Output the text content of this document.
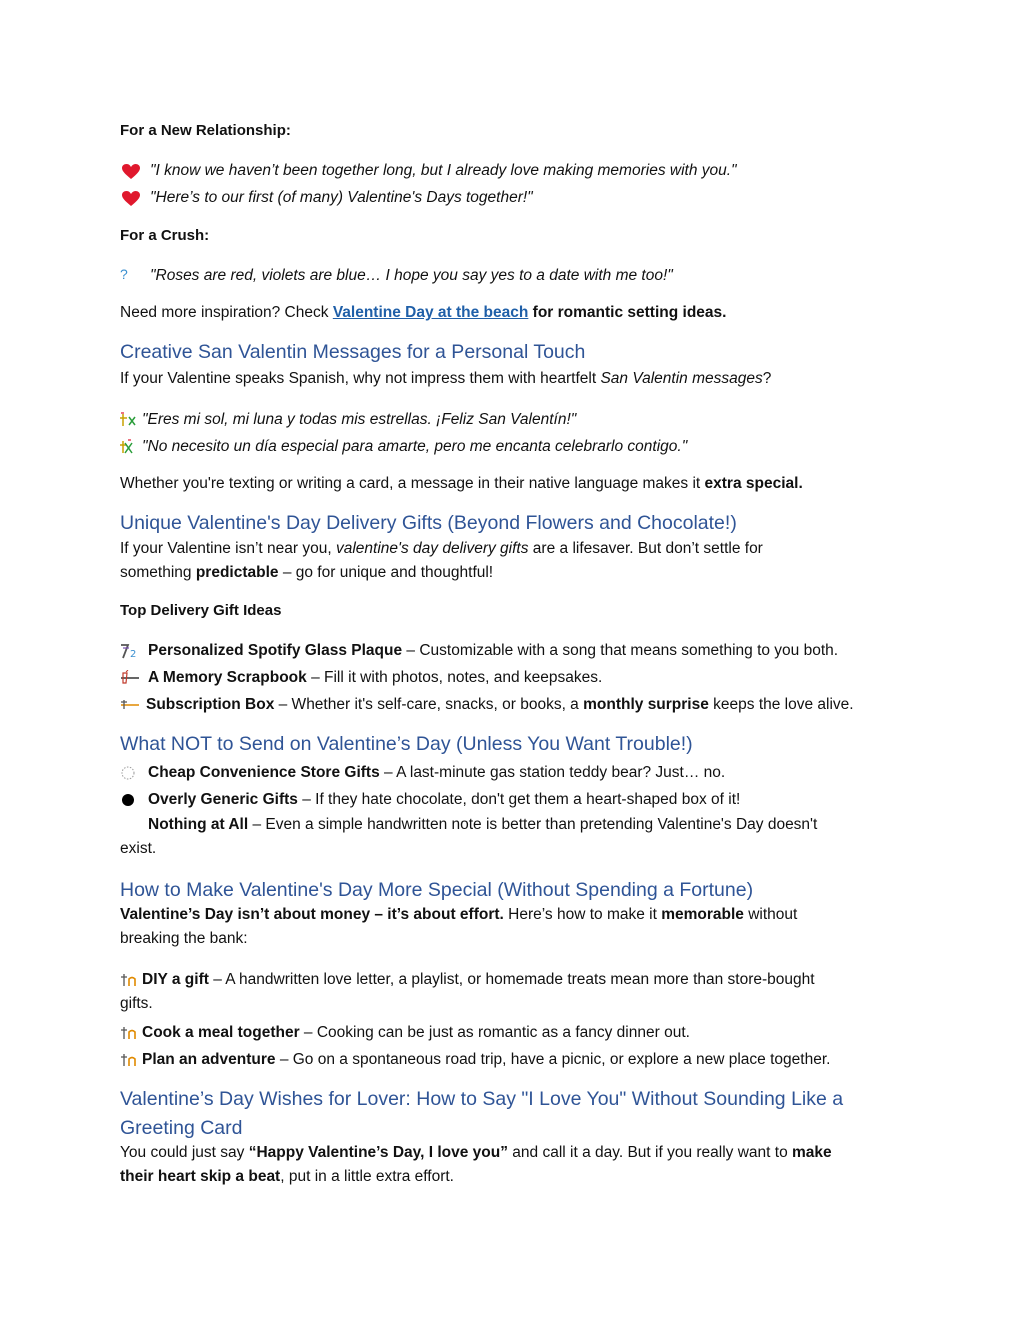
For a New Relationship:
"I know we haven’t been together long, but I already love making memories with you."
"Here’s to our first (of many) Valentine's Days together!"
For a Crush:
? "Roses are red, violets are blue… I hope you say yes to a date with me too!"
Need more inspiration? Check Valentine Day at the beach for romantic setting ideas.
Creative San Valentin Messages for a Personal Touch
If your Valentine speaks Spanish, why not impress them with heartfelt San Valentin messages?
"Eres mi sol, mi luna y todas mis estrellas. ¡Feliz San Valentín!"
"No necesito un día especial para amarte, pero me encanta celebrarlo contigo."
Whether you're texting or writing a card, a message in their native language makes it extra special.
Unique Valentine's Day Delivery Gifts (Beyond Flowers and Chocolate!)
If your Valentine isn’t near you, valentine's day delivery gifts are a lifesaver. But don’t settle for
something predictable – go for unique and thoughtful!
Top Delivery Gift Ideas
2 Personalized Spotify Glass Plaque – Customizable with a song that means something to you both.
A Memory Scrapbook – Fill it with photos, notes, and keepsakes.
Subscription Box – Whether it's self-care, snacks, or books, a monthly surprise keeps the love alive.
What NOT to Send on Valentine’s Day (Unless You Want Trouble!)
Cheap Convenience Store Gifts – A last-minute gas station teddy bear? Just… no.
Overly Generic Gifts – If they hate chocolate, don't get them a heart-shaped box of it!
Nothing at All – Even a simple handwritten note is better than pretending Valentine's Day doesn't
exist.
How to Make Valentine's Day More Special (Without Spending a Fortune)
Valentine’s Day isn’t about money – it’s about effort. Here’s how to make it memorable without
breaking the bank:
DIY a gift – A handwritten love letter, a playlist, or homemade treats mean more than store-bought
gifts.
Cook a meal together – Cooking can be just as romantic as a fancy dinner out.
Plan an adventure – Go on a spontaneous road trip, have a picnic, or explore a new place together.
Valentine’s Day Wishes for Lover: How to Say "I Love You" Without Sounding Like a
Greeting Card
You could just say “Happy Valentine’s Day, I love you” and call it a day. But if you really want to make
their heart skip a beat, put in a little extra effort.
